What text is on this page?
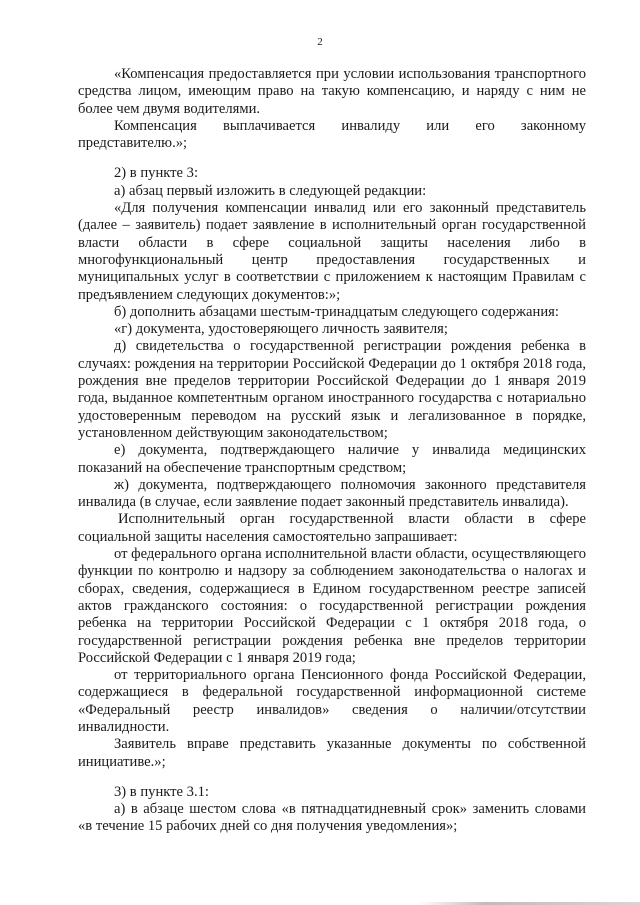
2

«Компенсация предоставляется при условии использования транспортного средства лицом, имеющим право на такую компенсацию, и наряду с ним не более чем двумя водителями.

Компенсация выплачивается инвалиду или его законному представителю.»;

2) в пункте 3:

а) абзац первый изложить в следующей редакции:

«Для получения компенсации инвалид или его законный представитель (далее – заявитель) подает заявление в исполнительный орган государственной власти области в сфере социальной защиты населения либо в многофункциональный центр предоставления государственных и муниципальных услуг в соответствии с приложением к настоящим Правилам с предъявлением следующих документов:»;

б) дополнить абзацами шестым-тринадцатым следующего содержания:

«г) документа, удостоверяющего личность заявителя;

д) свидетельства о государственной регистрации рождения ребенка в случаях: рождения на территории Российской Федерации до 1 октября 2018 года, рождения вне пределов территории Российской Федерации до 1 января 2019 года, выданное компетентным органом иностранного государства с нотариально удостоверенным переводом на русский язык и легализованное в порядке, установленном действующим законодательством;

е) документа, подтверждающего наличие у инвалида медицинских показаний на обеспечение транспортным средством;

ж) документа, подтверждающего полномочия законного представителя инвалида (в случае, если заявление подает законный представитель инвалида).

Исполнительный орган государственной власти области в сфере социальной защиты населения самостоятельно запрашивает:

от федерального органа исполнительной власти области, осуществляющего функции по контролю и надзору за соблюдением законодательства о налогах и сборах, сведения, содержащиеся в Едином государственном реестре записей актов гражданского состояния: о государственной регистрации рождения ребенка на территории Российской Федерации с 1 октября 2018 года, о государственной регистрации рождения ребенка вне пределов территории Российской Федерации с 1 января 2019 года;

от территориального органа Пенсионного фонда Российской Федерации, содержащиеся в федеральной государственной информационной системе «Федеральный реестр инвалидов» сведения о наличии/отсутствии инвалидности.

Заявитель вправе представить указанные документы по собственной инициативе.»;

3) в пункте 3.1:

а) в абзаце шестом слова «в пятнадцатидневный срок» заменить словами «в течение 15 рабочих дней со дня получения уведомления»;
